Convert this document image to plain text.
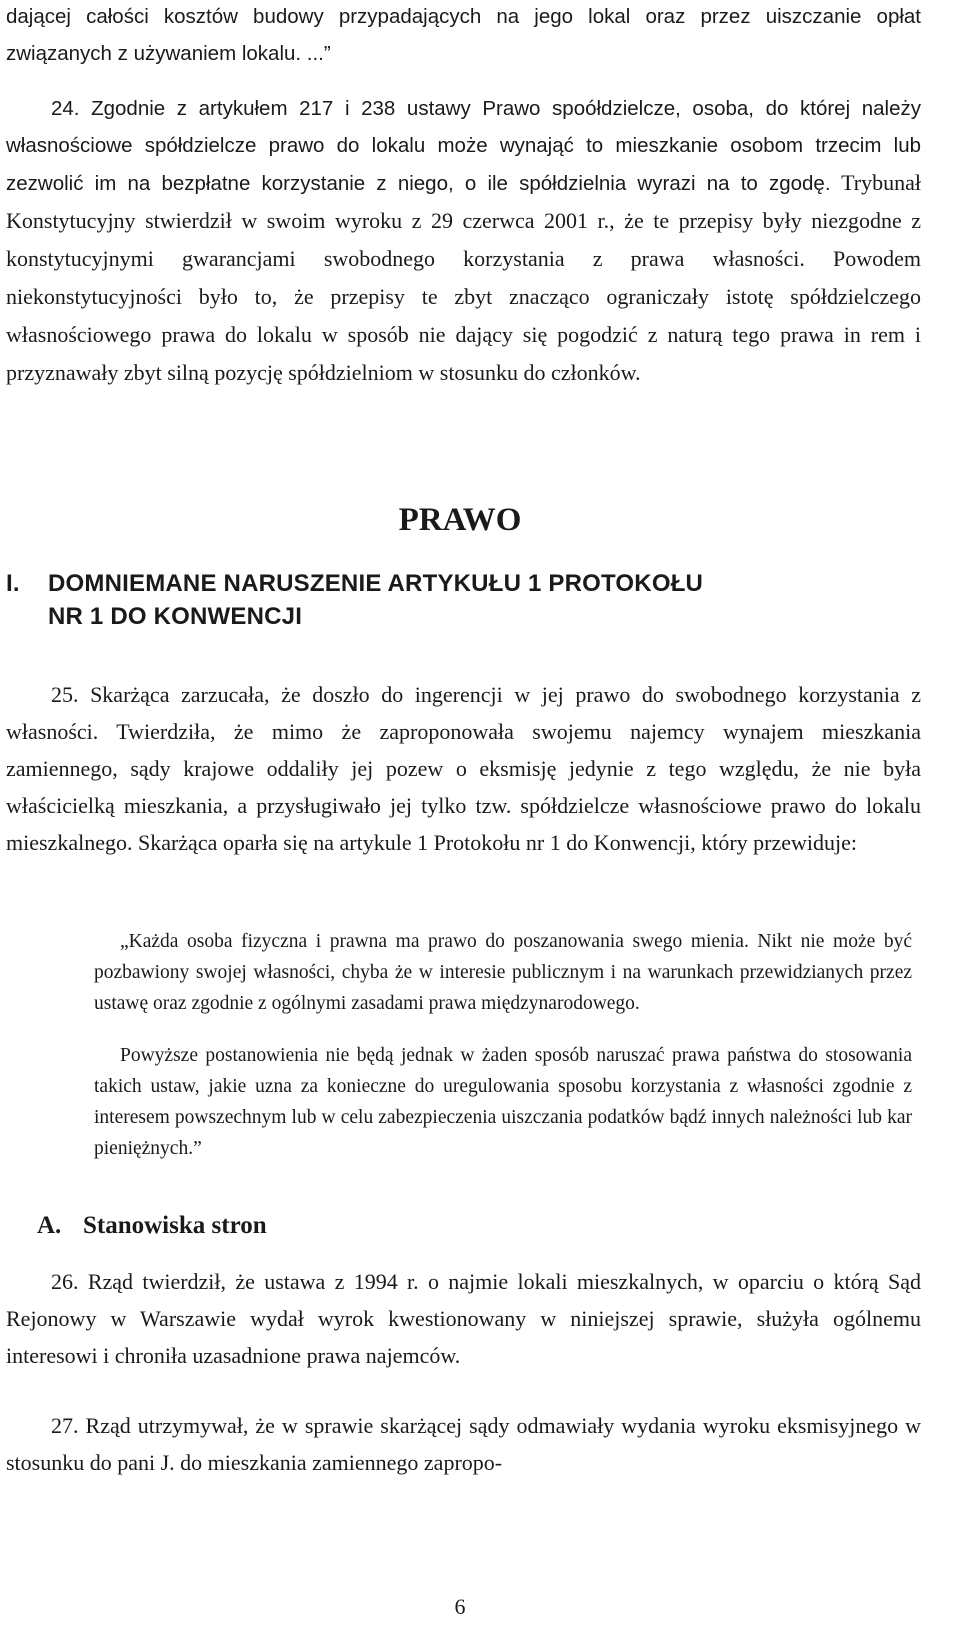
dającej całości kosztów budowy przypadających na jego lokal oraz przez uiszczanie opłat związanych z używaniem lokalu. ...”

24. Zgodnie z artykułem 217 i 238 ustawy Prawo spoółdzielcze, osoba, do której należy własnościowe spółdzielcze prawo do lokalu może wynająć to mieszkanie osobom trzecim lub zezwolić im na bezpłatne korzystanie z niego, o ile spółdzielnia wyrazi na to zgodę. Trybunał Konstytucyjny stwierdził w swoim wyroku z 29 czerwca 2001 r., że te przepisy były niezgodne z konstytucyjnymi gwarancjami swobodnego korzystania z prawa własności. Powodem niekonstytucyjności było to, że przepisy te zbyt znacząco ograniczały istotę spółdzielczego własnościowego prawa do lokalu w sposób nie dający się pogodzić z naturą tego prawa in rem i przyznawały zbyt silną pozycję spółdzielniom w stosunku do członków.

PRAWO
I. DOMNIEMANE NARUSZENIE ARTYKUŁU 1 PROTOKOŁU
NR 1 DO KONWENCJI

25. Skarżąca zarzucała, że doszło do ingerencji w jej prawo do swobodnego korzystania z własności. Twierdziła, że mimo że zaproponowała swojemu najemcy wynajem mieszkania zamiennego, sądy krajowe oddaliły jej pozew o eksmisję jedynie z tego względu, że nie była właścicielką mieszkania, a przysługiwało jej tylko tzw. spółdzielcze własnościowe prawo do lokalu mieszkalnego. Skarżąca oparła się na artykule 1 Protokołu nr 1 do Konwencji, który przewiduje:

„Każda osoba fizyczna i prawna ma prawo do poszanowania swego mienia. Nikt nie może być pozbawiony swojej własności, chyba że w interesie publicznym i na warunkach przewidzianych przez ustawę oraz zgodnie z ogólnymi zasadami prawa międzynarodowego.

Powyższe postanowienia nie będą jednak w żaden sposób naruszać prawa państwa do stosowania takich ustaw, jakie uzna za konieczne do uregulowania sposobu korzystania z własności zgodnie z interesem powszechnym lub w celu zabezpieczenia uiszczania podatków bądź innych należności lub kar pieniężnych.”

A. Stanowiska stron

26. Rząd twierdził, że ustawa z 1994 r. o najmie lokali mieszkalnych, w oparciu o którą Sąd Rejonowy w Warszawie wydał wyrok kwestionowany w niniejszej sprawie, służyła ogólnemu interesowi i chroniła uzasadnione prawa najemców.

27. Rząd utrzymywał, że w sprawie skarżącej sądy odmawiały wydania wyroku eksmisyjnego w stosunku do pani J. do mieszkania zamiennego zapropo-

6
